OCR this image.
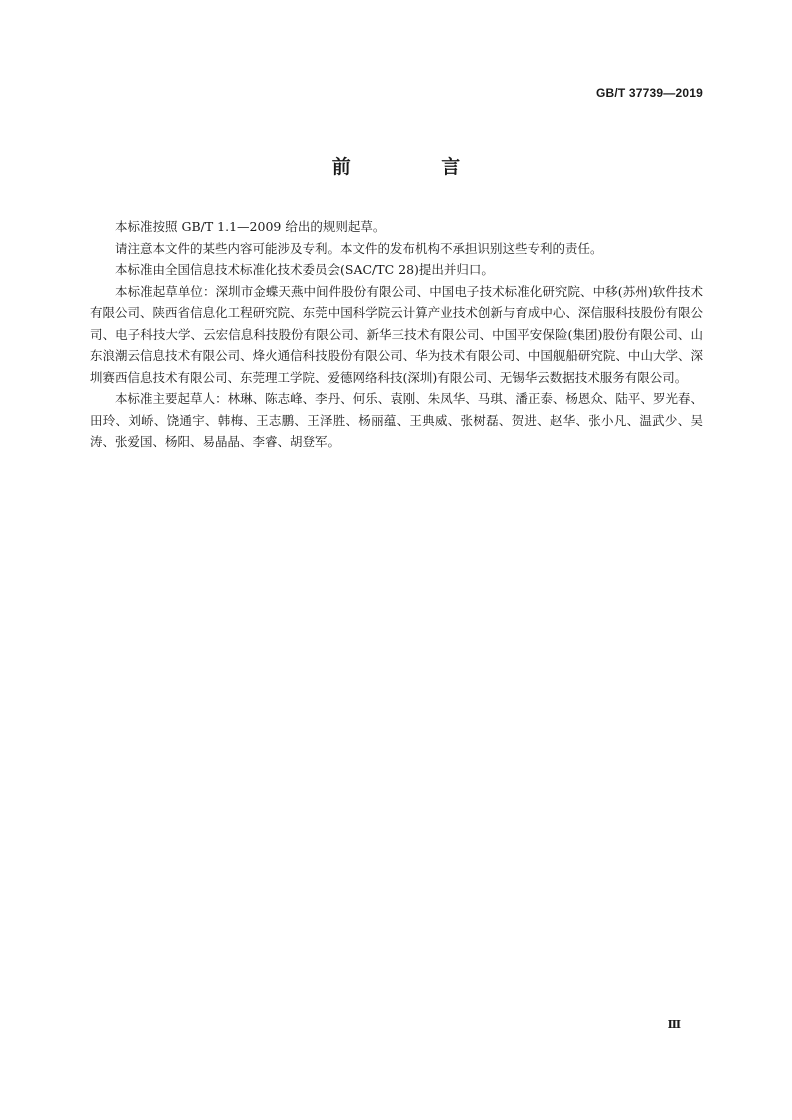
GB/T 37739—2019
前 言

本标准按照 GB/T 1.1—2009 给出的规则起草。

请注意本文件的某些内容可能涉及专利。本文件的发布机构不承担识别这些专利的责任。

本标准由全国信息技术标准化技术委员会(SAC/TC 28)提出并归口。

本标准起草单位：深圳市金蝶天燕中间件股份有限公司、中国电子技术标准化研究院、中移(苏州)软件技术有限公司、陕西省信息化工程研究院、东莞中国科学院云计算产业技术创新与育成中心、深信服科技股份有限公司、电子科技大学、云宏信息科技股份有限公司、新华三技术有限公司、中国平安保险(集团)股份有限公司、山东浪潮云信息技术有限公司、烽火通信科技股份有限公司、华为技术有限公司、中国舰船研究院、中山大学、深圳赛西信息技术有限公司、东莞理工学院、爱德网络科技(深圳)有限公司、无锡华云数据技术服务有限公司。

本标准主要起草人：林琳、陈志峰、李丹、何乐、袁刚、朱凤华、马琪、潘正泰、杨恩众、陆平、罗光春、田玲、刘峤、饶通宇、韩梅、王志鹏、王泽胜、杨丽蕴、王典威、张树磊、贺进、赵华、张小凡、温武少、吴涛、张爱国、杨阳、易晶晶、李睿、胡登军。

Ⅲ
